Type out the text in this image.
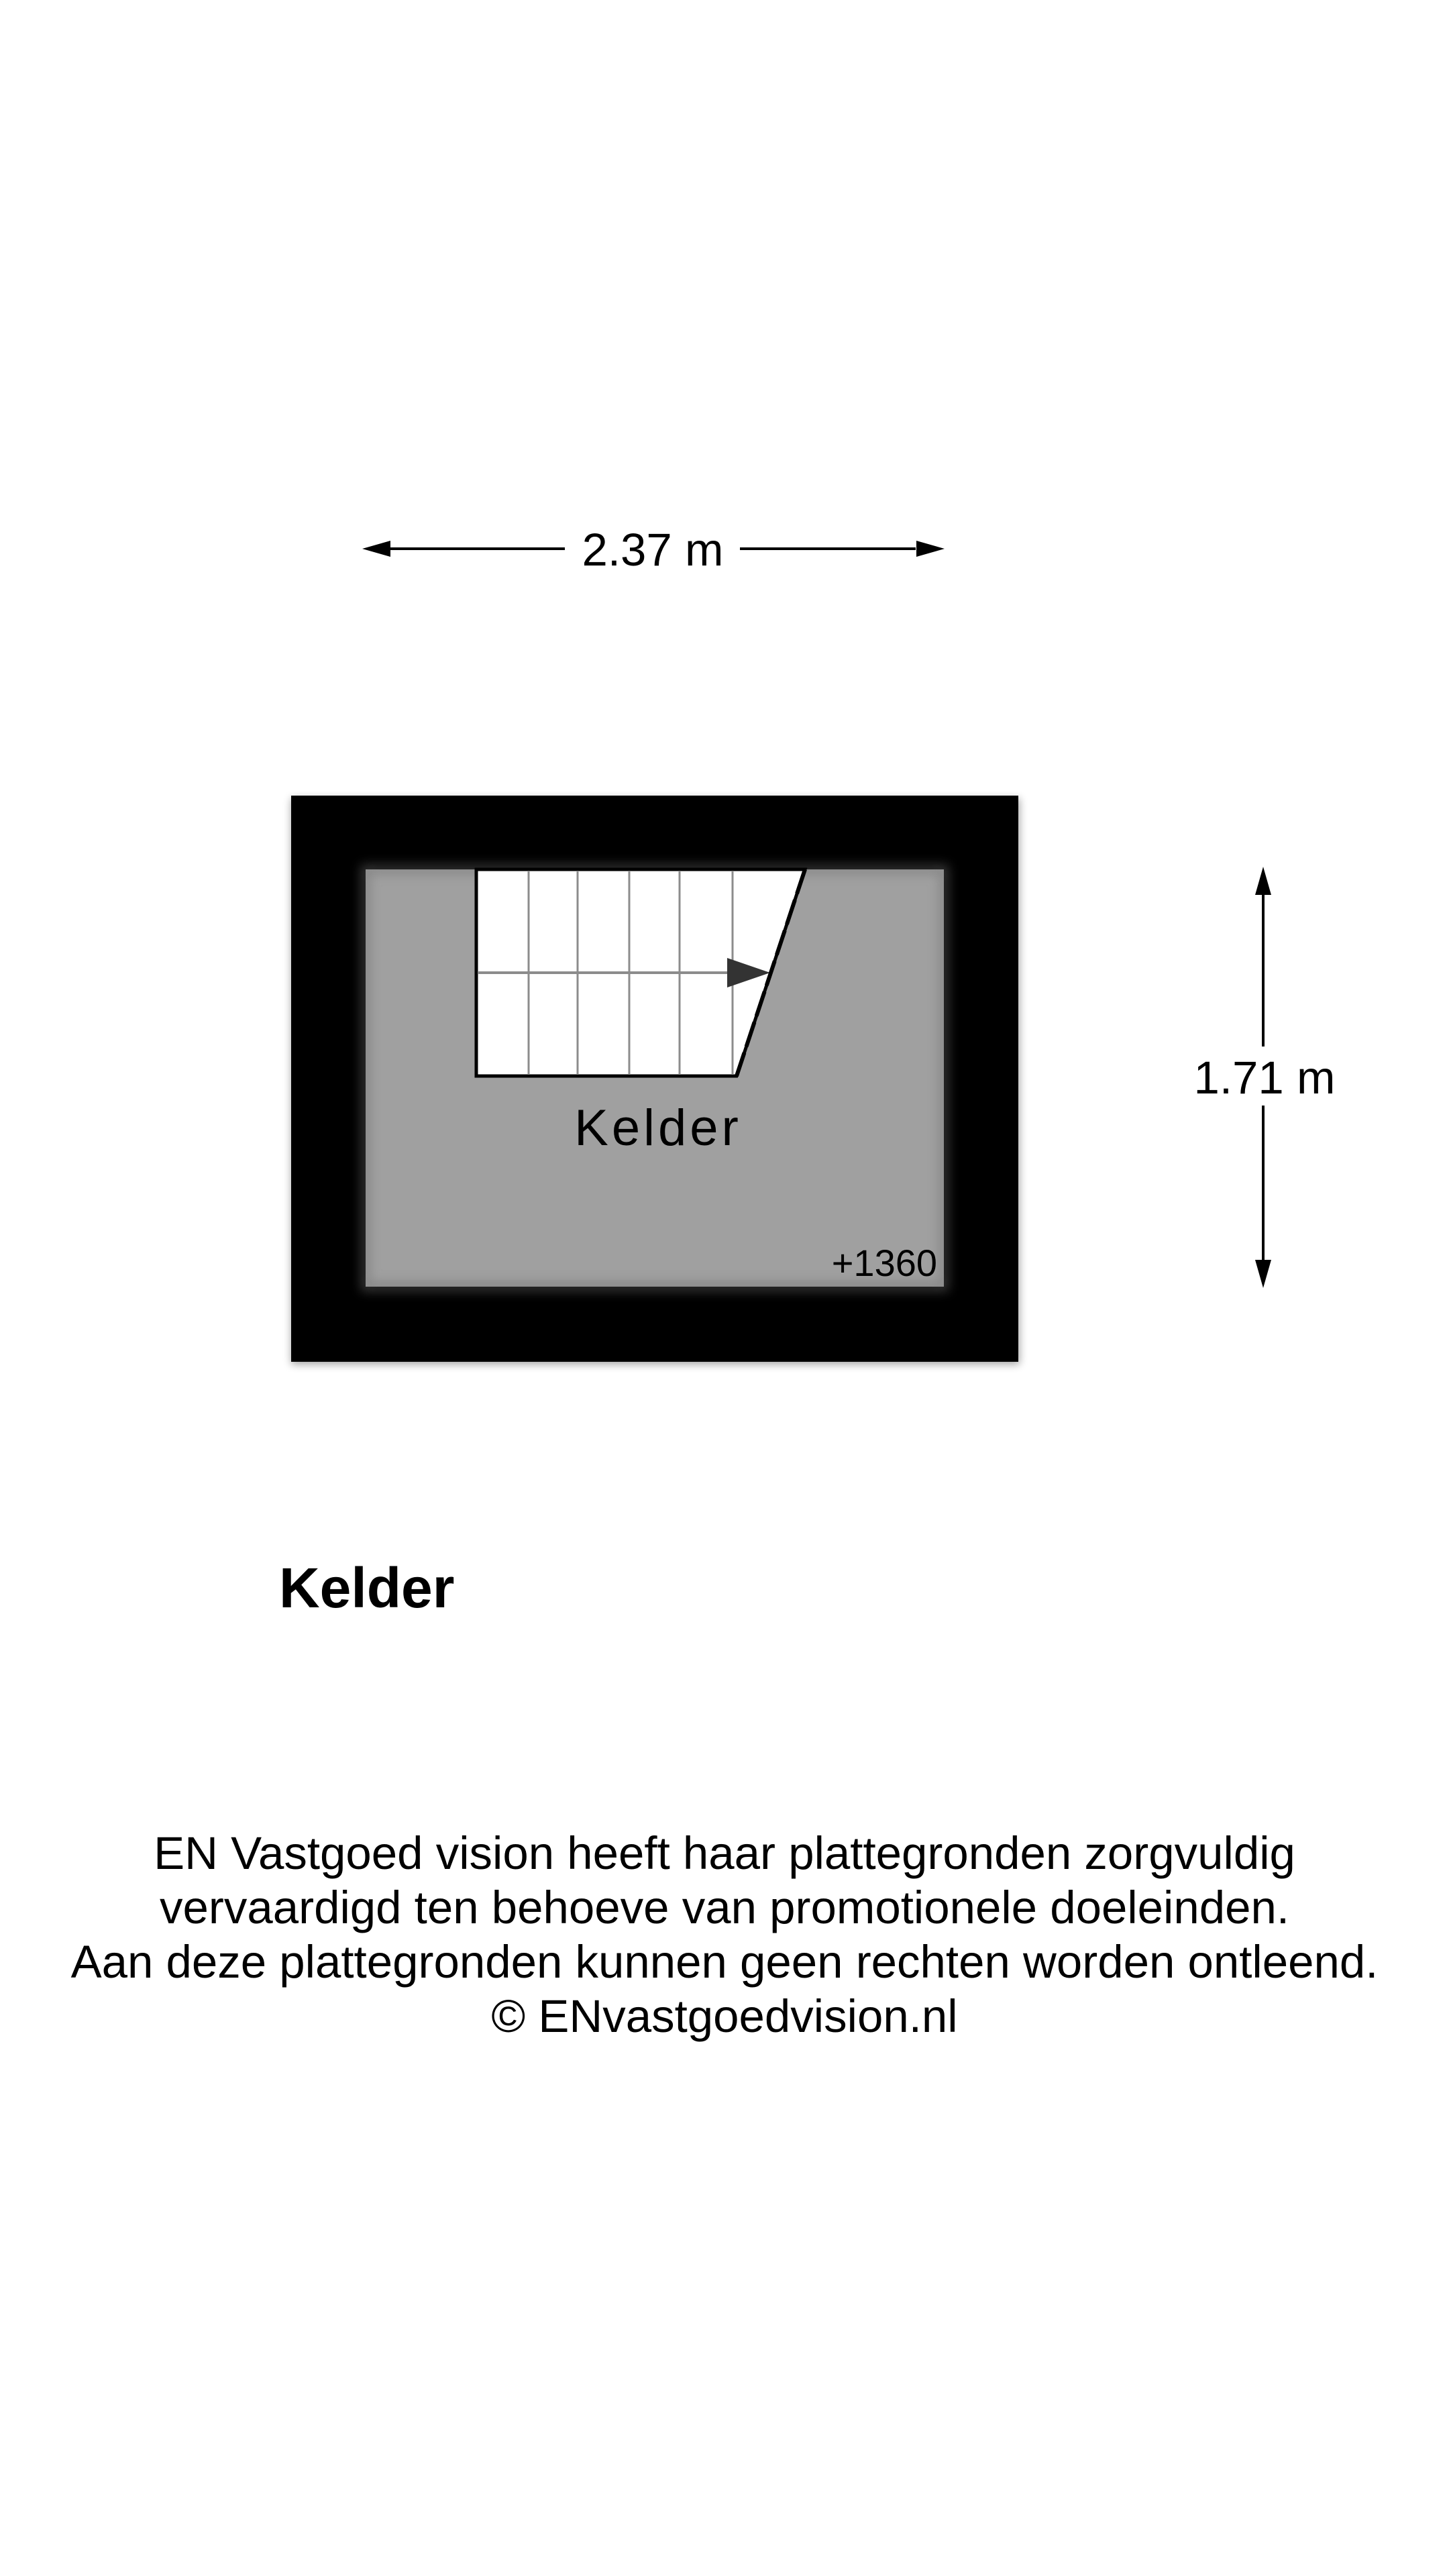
2.37 m
1.71 m
Kelder
+1360
Kelder
EN Vastgoed vision heeft haar plattegronden zorgvuldig
vervaardigd ten behoeve van promotionele doeleinden.
Aan deze plattegronden kunnen geen rechten worden ontleend.
© ENvastgoedvision.nl
